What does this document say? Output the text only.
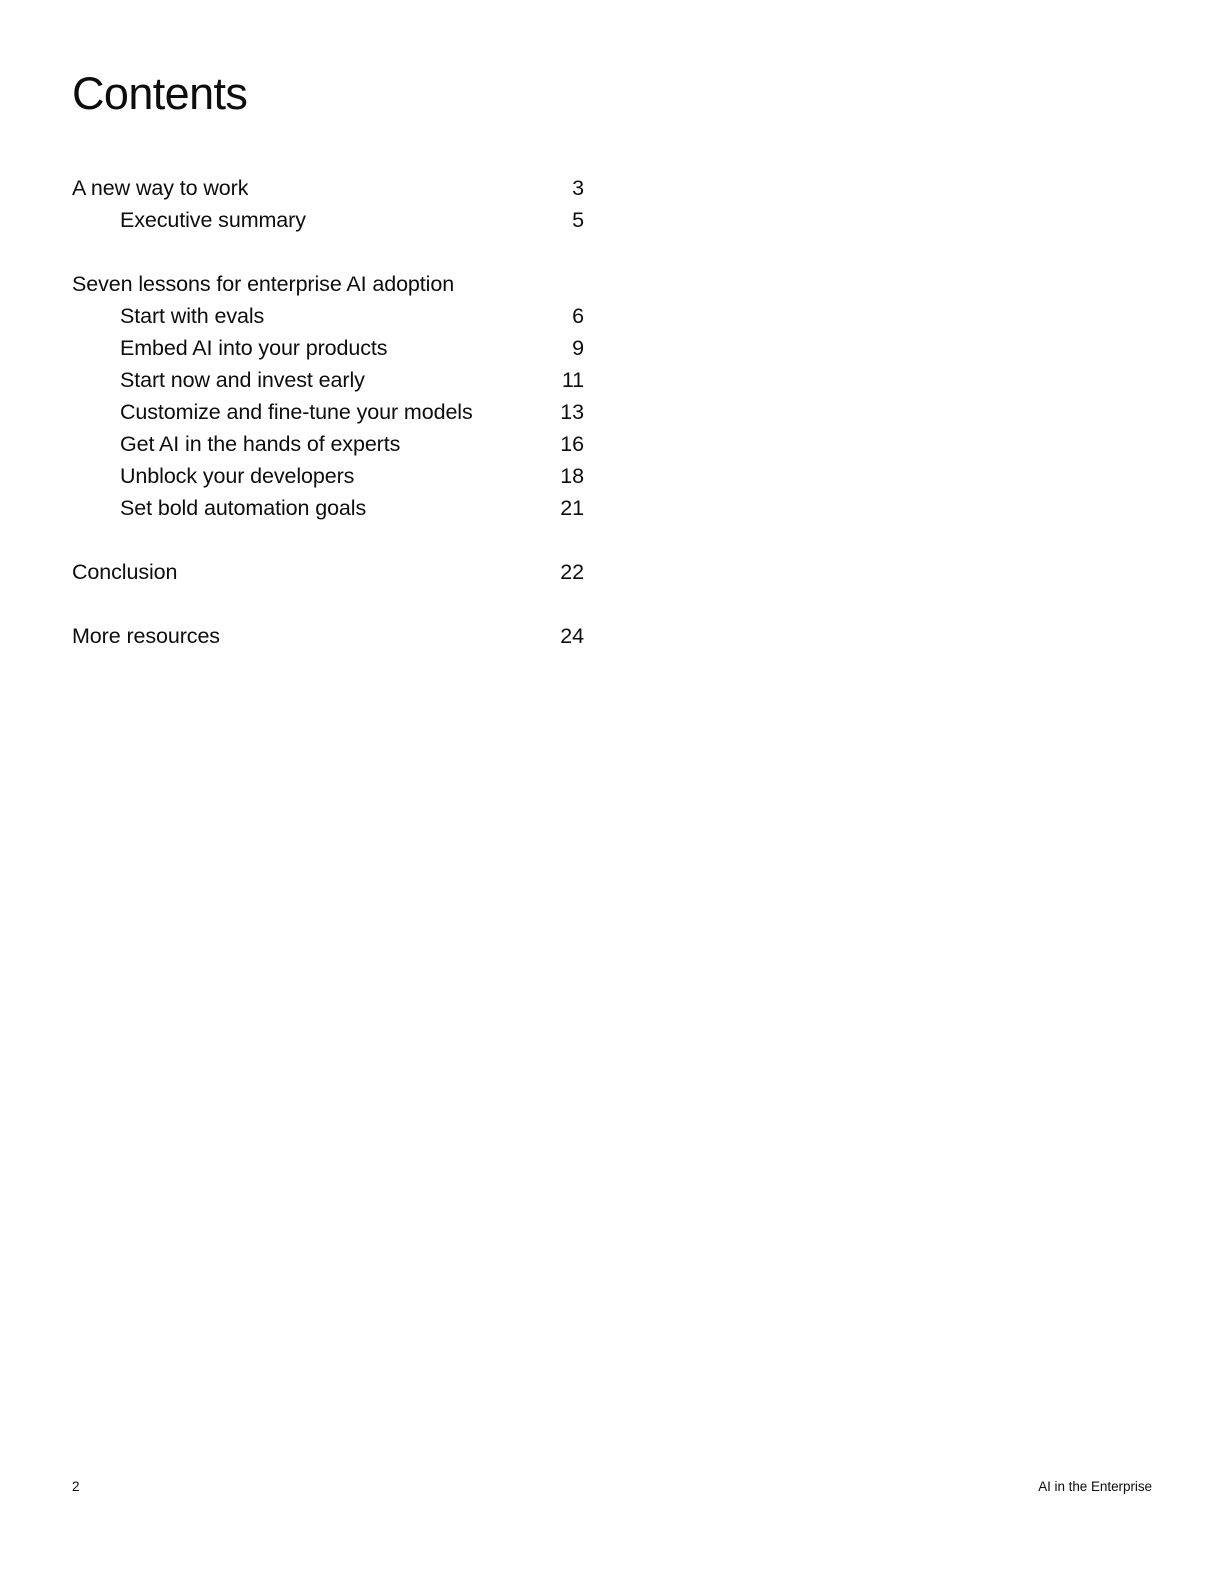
Contents
A new way to work	3
Executive summary	5
Seven lessons for enterprise AI adoption
Start with evals	6
Embed AI into your products	9
Start now and invest early	11
Customize and fine-tune your models	13
Get AI in the hands of experts	16
Unblock your developers	18
Set bold automation goals	21
Conclusion	22
More resources	24
2	AI in the Enterprise
